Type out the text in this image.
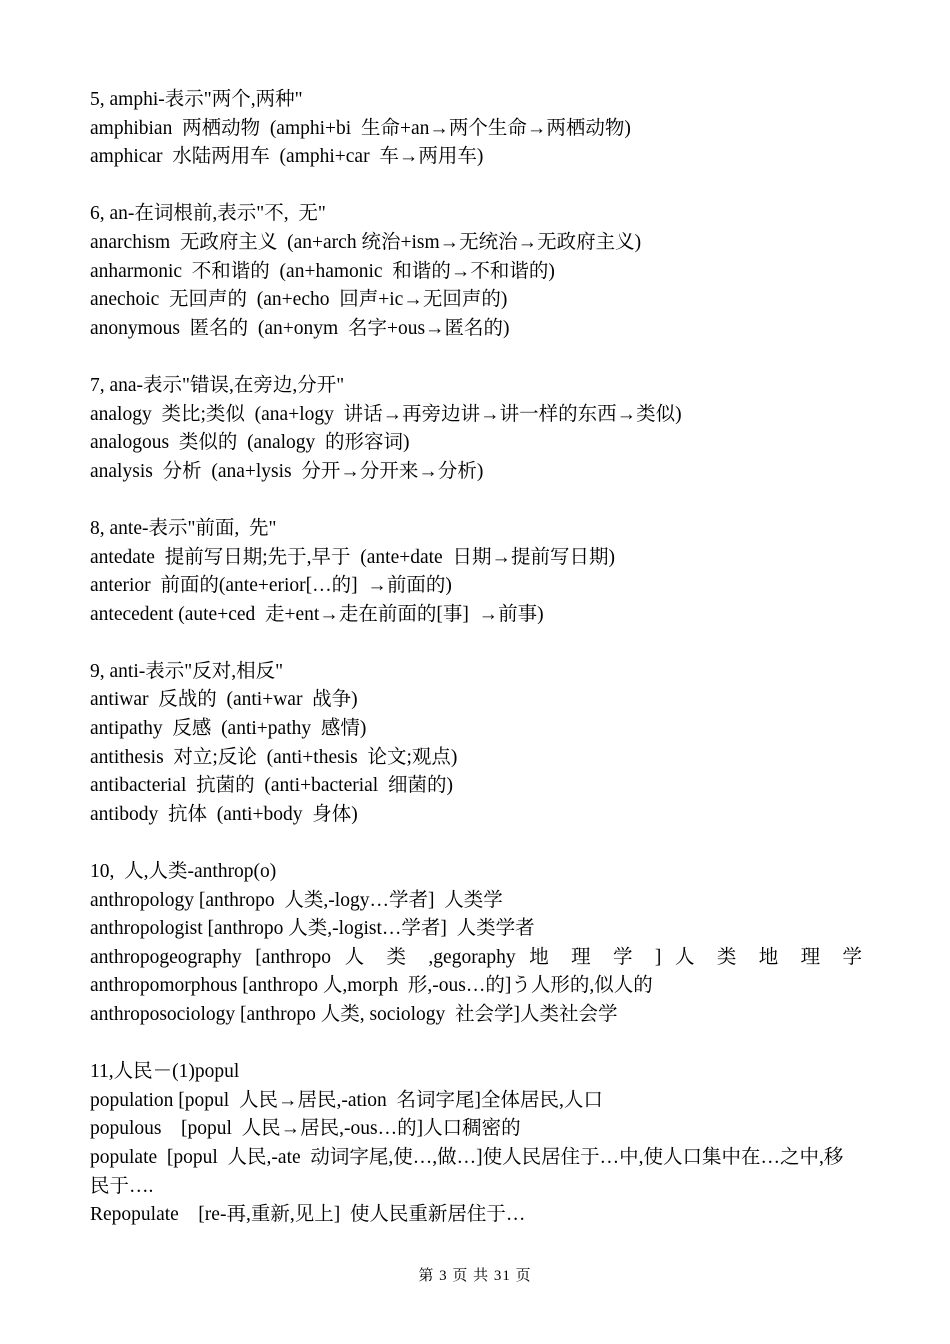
5, amphi-表示"两个,两种"
amphibian  两栖动物  (amphi+bi  生命+an→两个生命→两栖动物)
amphicar  水陆两用车  (amphi+car  车→两用车)
6, an-在词根前,表示"不,  无"
anarchism  无政府主义  (an+arch 统治+ism→无统治→无政府主义)
anharmonic  不和谐的  (an+hamonic  和谐的→不和谐的)
anechoic  无回声的  (an+echo  回声+ic→无回声的)
anonymous  匿名的  (an+onym  名字+ous→匿名的)
7, ana-表示"错误,在旁边,分开"
analogy  类比;类似  (ana+logy  讲话→再旁边讲→讲一样的东西→类似)
analogous  类似的  (analogy  的形容词)
analysis  分析  (ana+lysis  分开→分开来→分析)
8, ante-表示"前面,  先"
antedate  提前写日期;先于,早于  (ante+date  日期→提前写日期)
anterior  前面的(ante+erior[…的]  →前面的)
antecedent (aute+ced  走+ent→走在前面的[事]  →前事)
9, anti-表示"反对,相反"
antiwar  反战的  (anti+war  战争)
antipathy  反感  (anti+pathy  感情)
antithesis  对立;反论  (anti+thesis  论文;观点)
antibacterial  抗菌的  (anti+bacterial  细菌的)
antibody  抗体  (anti+body  身体)
10,  人,人类-anthrop(o)
anthropology [anthropo  人类,-logy…学者]  人类学
anthropologist [anthropo 人类,-logist…学者]  人类学者
anthropogeography [anthropo 人 类 ,gegoraphy 地 理 学 ] 人 类 地 理 学
anthropomorphous [anthropo 人,morph  形,-ous…的]う人形的,似人的
anthroposociology [anthropo 人类, sociology  社会学]人类社会学
11,人民－(1)popul
population [popul  人民→居民,-ation  名词字尾]全体居民,人口
populous    [popul  人民→居民,-ous…的]人口稠密的
populate  [popul  人民,-ate  动词字尾,使…,做…]使人民居住于…中,使人口集中在…之中,移民于….
Repopulate    [re-再,重新,见上]  使人民重新居住于…
第 3 页 共 31 页
